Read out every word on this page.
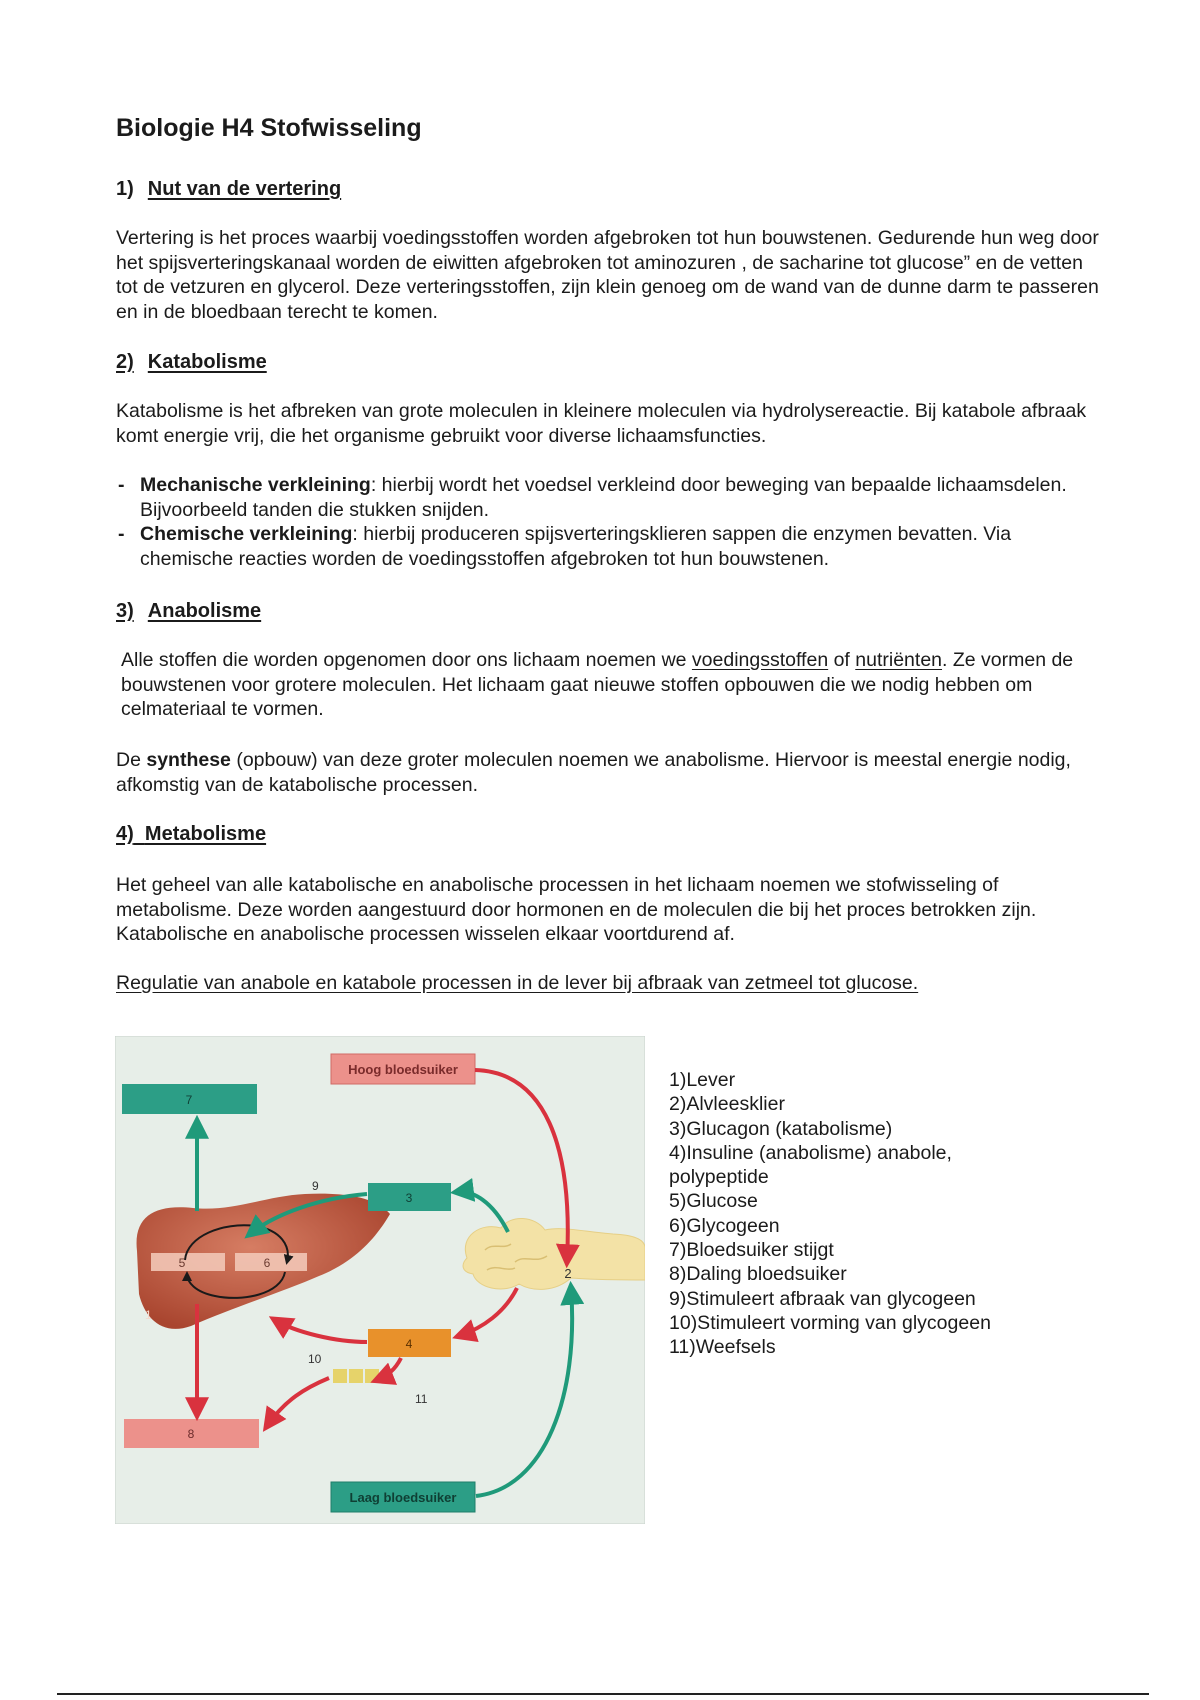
Biologie H4 Stofwisseling
1) Nut van de vertering

Vertering is het proces waarbij voedingsstoffen worden afgebroken tot hun bouwstenen. Gedurende hun weg door het spijsverteringskanaal worden de eiwitten afgebroken tot aminozuren , de sacharine tot glucose” en de vetten tot de vetzuren en glycerol. Deze verteringsstoffen, zijn klein genoeg om de wand van de dunne darm te passeren en in de bloedbaan terecht te komen.

2) Katabolisme

Katabolisme is het afbreken van grote moleculen in kleinere moleculen via hydrolysereactie. Bij katabole afbraak komt energie vrij, die het organisme gebruikt voor diverse lichaamsfuncties.

- Mechanische verkleining: hierbij wordt het voedsel verkleind door beweging van bepaalde lichaamsdelen. Bijvoorbeeld tanden die stukken snijden.
- Chemische verkleining: hierbij produceren spijsverteringsklieren sappen die enzymen bevatten. Via chemische reacties worden de voedingsstoffen afgebroken tot hun bouwstenen.
3) Anabolisme

Alle stoffen die worden opgenomen door ons lichaam noemen we voedingsstoffen of nutriënten. Ze vormen de bouwstenen voor grotere moleculen. Het lichaam gaat nieuwe stoffen opbouwen die we nodig hebben om celmateriaal te vormen.

De synthese (opbouw) van deze groter moleculen noemen we anabolisme. Hiervoor is meestal energie nodig, afkomstig van de katabolische processen.

4) Metabolisme

Het geheel van alle katabolische en anabolische processen in het lichaam noemen we stofwisseling of metabolisme. Deze worden aangestuurd door hormonen en de moleculen die bij het proces betrokken zijn. Katabolische en anabolische processen wisselen elkaar voortdurend af.

Regulatie van anabole en katabole processen in de lever bij afbraak van zetmeel tot glucose.

Hoog bloedsuiker
Laag bloedsuiker
1
2
3
4
5	6
7
8
9
10
11
1)Lever
2)Alvleesklier
3)Glucagon (katabolisme)
4)Insuline (anabolisme) anabole,
polypeptide
5)Glucose
6)Glycogeen
7)Bloedsuiker stijgt
8)Daling bloedsuiker
9)Stimuleert afbraak van glycogeen
10)Stimuleert vorming van glycogeen
11)Weefsels
